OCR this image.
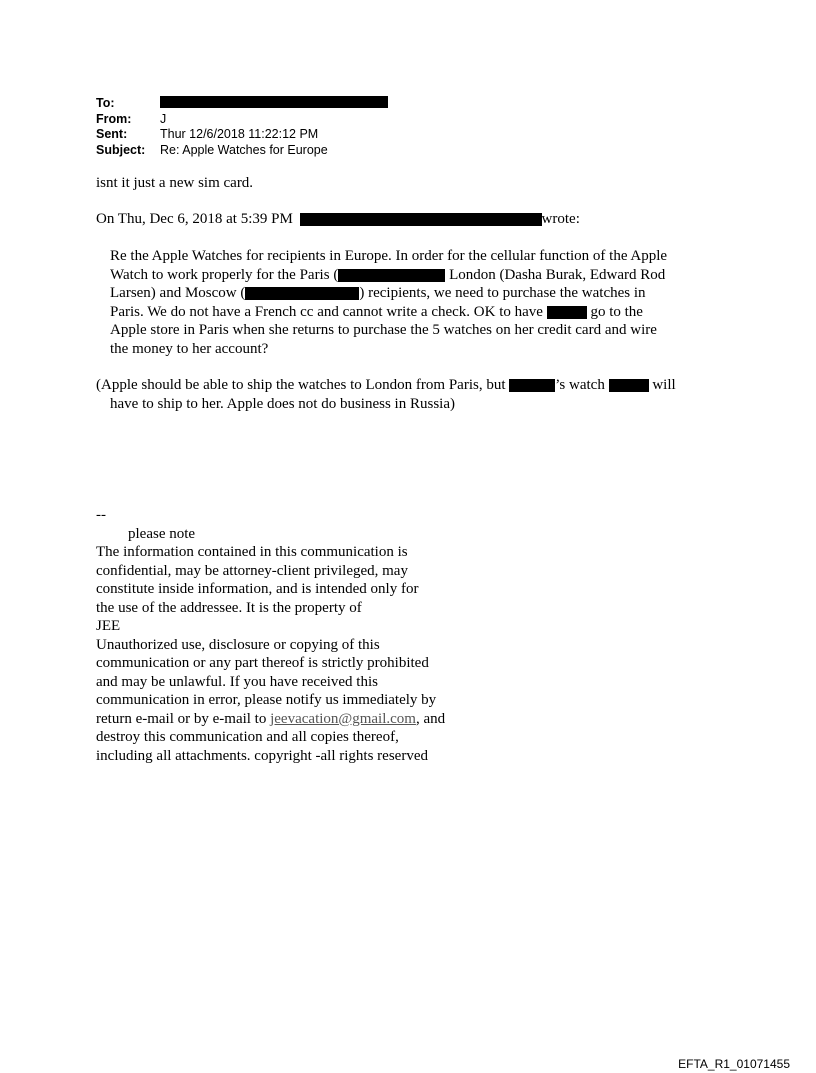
To:
From:	J
Sent:	Thur 12/6/2018 11:22:12 PM
Subject:	Re: Apple Watches for Europe
isnt it just a new sim card.
On Thu, Dec 6, 2018 at 5:39 PM	wrote:
Re the Apple Watches for recipients in Europe. In order for the cellular function of the Apple
Watch to work properly for the Paris (	London (Dasha Burak, Edward Rod
Larsen) and Moscow (	) recipients, we need to purchase the watches in
Paris. We do not have a French cc and cannot write a check. OK to have	go to the
Apple store in Paris when she returns to purchase the 5 watches on her credit card and wire
the money to her account?
(Apple should be able to ship the watches to London from Paris, but	’s watch	will
have to ship to her. Apple does not do business in Russia)
--
please note
The information contained in this communication is
confidential, may be attorney-client privileged, may
constitute inside information, and is intended only for
the use of the addressee. It is the property of
JEE
Unauthorized use, disclosure or copying of this
communication or any part thereof is strictly prohibited
and may be unlawful. If you have received this
communication in error, please notify us immediately by
return e-mail or by e-mail to jeevacation@gmail.com, and
destroy this communication and all copies thereof,
including all attachments. copyright -all rights reserved
EFTA_R1_01071455
